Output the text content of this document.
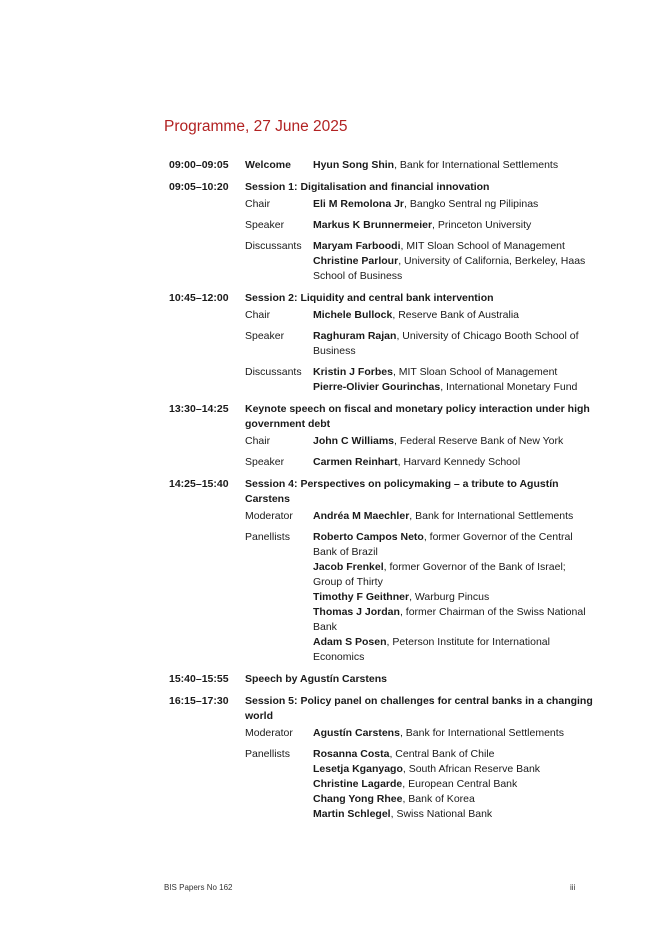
Programme, 27 June 2025
09:00–09:05	Welcome	Hyun Song Shin, Bank for International Settlements
09:05–10:20	Session 1: Digitalisation and financial innovation
Chair	Eli M Remolona Jr, Bangko Sentral ng Pilipinas
Speaker	Markus K Brunnermeier, Princeton University
Discussants	Maryam Farboodi, MIT Sloan School of Management
Christine Parlour, University of California, Berkeley, Haas School of Business
10:45–12:00	Session 2: Liquidity and central bank intervention
Chair	Michele Bullock, Reserve Bank of Australia
Speaker	Raghuram Rajan, University of Chicago Booth School of Business
Discussants	Kristin J Forbes, MIT Sloan School of Management
Pierre-Olivier Gourinchas, International Monetary Fund
13:30–14:25	Keynote speech on fiscal and monetary policy interaction under high government debt
Chair	John C Williams, Federal Reserve Bank of New York
Speaker	Carmen Reinhart, Harvard Kennedy School
14:25–15:40	Session 4: Perspectives on policymaking – a tribute to Agustín Carstens
Moderator	Andréa M Maechler, Bank for International Settlements
Panellists	Roberto Campos Neto, former Governor of the Central Bank of Brazil
Jacob Frenkel, former Governor of the Bank of Israel; Group of Thirty
Timothy F Geithner, Warburg Pincus
Thomas J Jordan, former Chairman of the Swiss National Bank
Adam S Posen, Peterson Institute for International Economics
15:40–15:55	Speech by Agustín Carstens
16:15–17:30	Session 5: Policy panel on challenges for central banks in a changing world
Moderator	Agustín Carstens, Bank for International Settlements
Panellists	Rosanna Costa, Central Bank of Chile
Lesetja Kganyago, South African Reserve Bank
Christine Lagarde, European Central Bank
Chang Yong Rhee, Bank of Korea
Martin Schlegel, Swiss National Bank
BIS Papers No 162	iii
